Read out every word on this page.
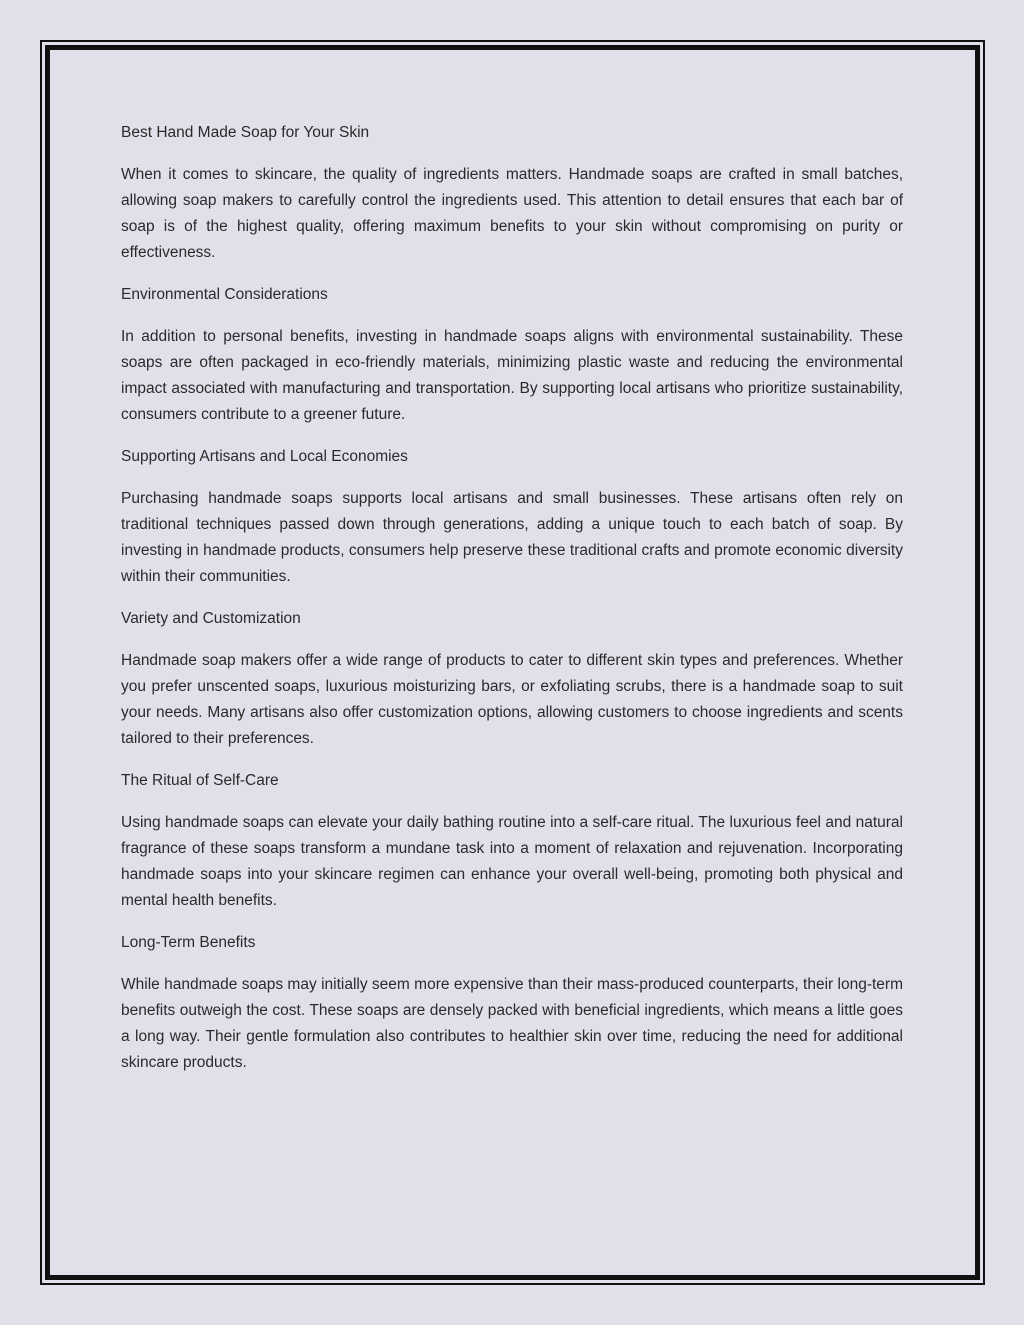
Best Hand Made Soap for Your Skin

When it comes to skincare, the quality of ingredients matters. Handmade soaps are crafted in small batches, allowing soap makers to carefully control the ingredients used. This attention to detail ensures that each bar of soap is of the highest quality, offering maximum benefits to your skin without compromising on purity or effectiveness.

Environmental Considerations

In addition to personal benefits, investing in handmade soaps aligns with environmental sustainability. These soaps are often packaged in eco-friendly materials, minimizing plastic waste and reducing the environmental impact associated with manufacturing and transportation. By supporting local artisans who prioritize sustainability, consumers contribute to a greener future.

Supporting Artisans and Local Economies

Purchasing handmade soaps supports local artisans and small businesses. These artisans often rely on traditional techniques passed down through generations, adding a unique touch to each batch of soap. By investing in handmade products, consumers help preserve these traditional crafts and promote economic diversity within their communities.

Variety and Customization

Handmade soap makers offer a wide range of products to cater to different skin types and preferences. Whether you prefer unscented soaps, luxurious moisturizing bars, or exfoliating scrubs, there is a handmade soap to suit your needs. Many artisans also offer customization options, allowing customers to choose ingredients and scents tailored to their preferences.

The Ritual of Self-Care

Using handmade soaps can elevate your daily bathing routine into a self-care ritual. The luxurious feel and natural fragrance of these soaps transform a mundane task into a moment of relaxation and rejuvenation. Incorporating handmade soaps into your skincare regimen can enhance your overall well-being, promoting both physical and mental health benefits.

Long-Term Benefits

While handmade soaps may initially seem more expensive than their mass-produced counterparts, their long-term benefits outweigh the cost. These soaps are densely packed with beneficial ingredients, which means a little goes a long way. Their gentle formulation also contributes to healthier skin over time, reducing the need for additional skincare products.
